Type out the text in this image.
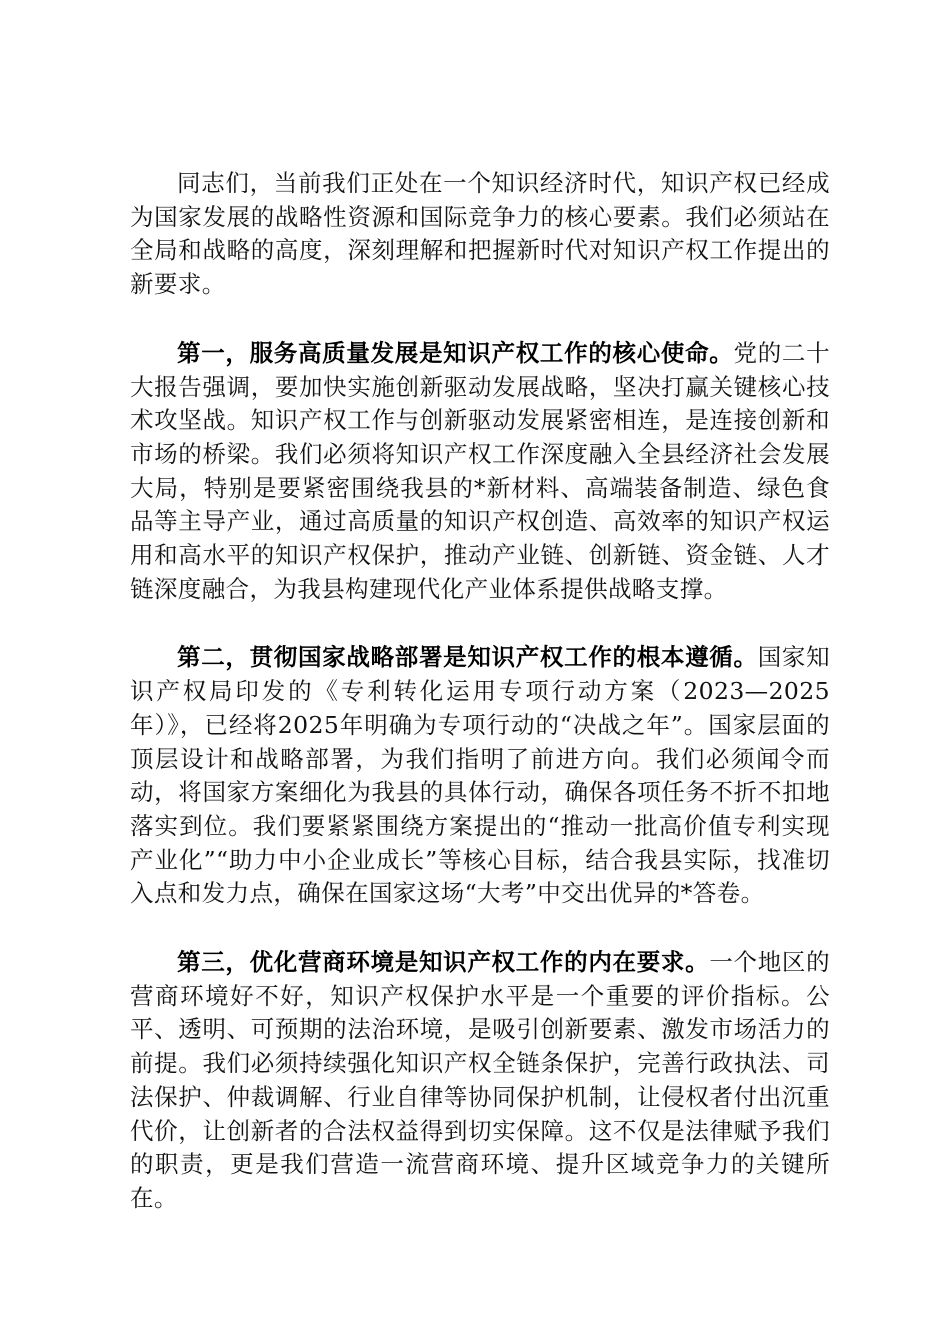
同志们，当前我们正处在一个知识经济时代，知识产权已经成为国家发展的战略性资源和国际竞争力的核心要素。我们必须站在全局和战略的高度，深刻理解和把握新时代对知识产权工作提出的新要求。

第一，服务高质量发展是知识产权工作的核心使命。党的二十大报告强调，要加快实施创新驱动发展战略，坚决打赢关键核心技术攻坚战。知识产权工作与创新驱动发展紧密相连，是连接创新和市场的桥梁。我们必须将知识产权工作深度融入全县经济社会发展大局，特别是要紧密围绕我县的*新材料、高端装备制造、绿色食品等主导产业，通过高质量的知识产权创造、高效率的知识产权运用和高水平的知识产权保护，推动产业链、创新链、资金链、人才链深度融合，为我县构建现代化产业体系提供战略支撑。

第二，贯彻国家战略部署是知识产权工作的根本遵循。国家知识产权局印发的《专利转化运用专项行动方案（2023—2025年）》，已经将2025年明确为专项行动的“决战之年”。国家层面的顶层设计和战略部署，为我们指明了前进方向。我们必须闻令而动，将国家方案细化为我县的具体行动，确保各项任务不折不扣地落实到位。我们要紧紧围绕方案提出的“推动一批高价值专利实现产业化”“助力中小企业成长”等核心目标，结合我县实际，找准切入点和发力点，确保在国家这场“大考”中交出优异的*答卷。

第三，优化营商环境是知识产权工作的内在要求。一个地区的营商环境好不好，知识产权保护水平是一个重要的评价指标。公平、透明、可预期的法治环境，是吸引创新要素、激发市场活力的前提。我们必须持续强化知识产权全链条保护，完善行政执法、司法保护、仲裁调解、行业自律等协同保护机制，让侵权者付出沉重代价，让创新者的合法权益得到切实保障。这不仅是法律赋予我们的职责，更是我们营造一流营商环境、提升区域竞争力的关键所在。
